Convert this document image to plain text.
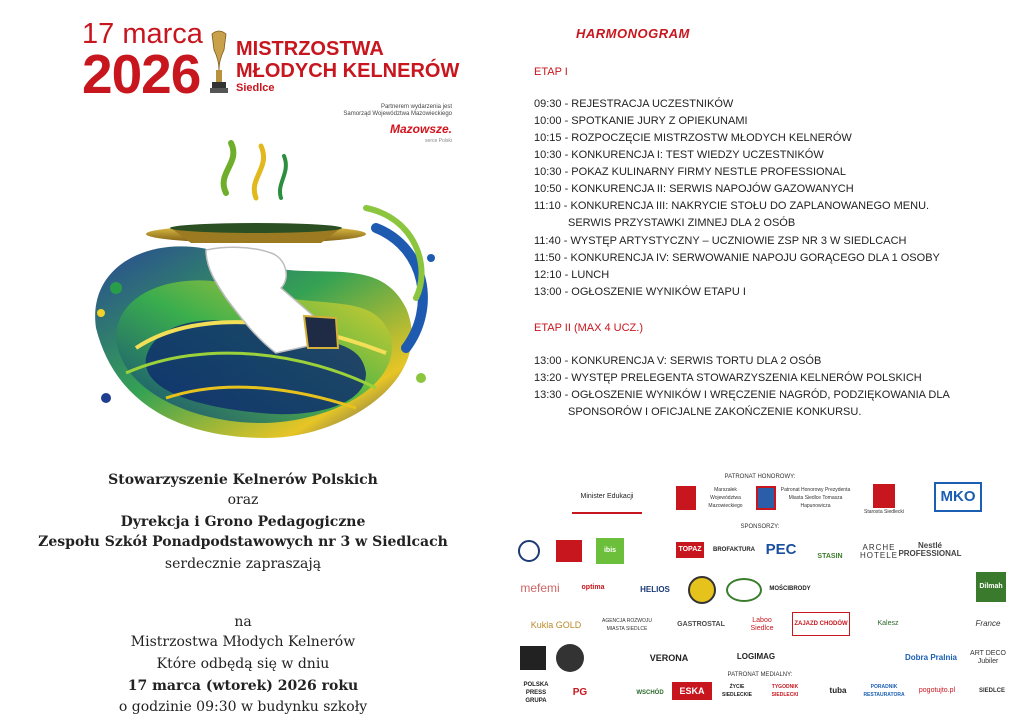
17 marca
2026 MISTRZOSTWA
MŁODYCH KELNERÓW
Siedlce
Partnerem wydarzenia jest
Samorząd Województwa Mazowieckiego
Mazowsze.
serce Polski
Stowarzyszenie Kelnerów Polskich
oraz
Dyrekcja i Grono Pedagogiczne
Zespołu Szkół Ponadpodstawowych nr 3 w Siedlcach
serdecznie zapraszają
na
Mistrzostwa Młodych Kelnerów
Które odbędą się w dniu
17 marca (wtorek) 2026 roku
o godzinie 09:30 w budynku szkoły
HARMONOGRAM
ETAP I
09:30 - REJESTRACJA UCZESTNIKÓW
10:00 - SPOTKANIE JURY Z OPIEKUNAMI
10:15 - ROZPOCZĘCIE MISTRZOSTW MŁODYCH KELNERÓW
10:30 - KONKURENCJA I: TEST WIEDZY UCZESTNIKÓW
10:30 - POKAZ KULINARNY FIRMY NESTLE PROFESSIONAL
10:50 - KONKURENCJA II: SERWIS NAPOJÓW GAZOWANYCH
11:10 - KONKURENCJA III: NAKRYCIE STOŁU DO ZAPLANOWANEGO MENU.
SERWIS PRZYSTAWKI ZIMNEJ DLA 2 OSÓB
11:40 - WYSTĘP ARTYSTYCZNY – UCZNIOWIE ZSP NR 3 W SIEDLCACH
11:50 - KONKURENCJA IV: SERWOWANIE NAPOJU GORĄCEGO DLA 1 OSOBY
12:10 - LUNCH
13:00 - OGŁOSZENIE WYNIKÓW ETAPU I
ETAP II (MAX 4 UCZ.)
13:00 - KONKURENCJA V: SERWIS TORTU DLA 2 OSÓB
13:20 - WYSTĘP PRELEGENTA STOWARZYSZENIA KELNERÓW POLSKICH
13:30 - OGŁOSZENIE WYNIKÓW I WRĘCZENIE NAGRÓD, PODZIĘKOWANIA DLA
SPONSORÓW I OFICJALNE ZAKOŃCZENIE KONKURSU.
PATRONAT HONOROWY:
Minister Edukacji
Marszałek Województwa Mazowieckiego
Patronat Honorowy Prezydenta Miasta Siedlce Tomasza Hapunowicza
Starosta Siedlecki
MKO
SPONSORZY:
ibis	TOPAZ	BROFAKTURA PEC	STASIN
ARCHE HOTELE
Nestlé PROFESSIONAL
mefemi	optima	HELIOS	MOŚCIBRODY	Dilmah
Kukla GOLD	AGENCJA ROZWOJU MIASTA SIEDLCE
GASTROSTAL
Laboo Siedlce
ZAJAZD CHODÓW	Kalesz	France
VERONA	LOGIMAG	Dobra Pralnia	ART DECO Jubiler
PATRONAT MEDIALNY:
POLSKA PRESS GRUPA
PG	WSCHÓD	ESKA	ŻYCIE SIEDLECKIE
TYGODNIK SIEDLECKI	tuba	PORADNIK RESTAURATORA
pogotujto.pl	SIEDLCE
